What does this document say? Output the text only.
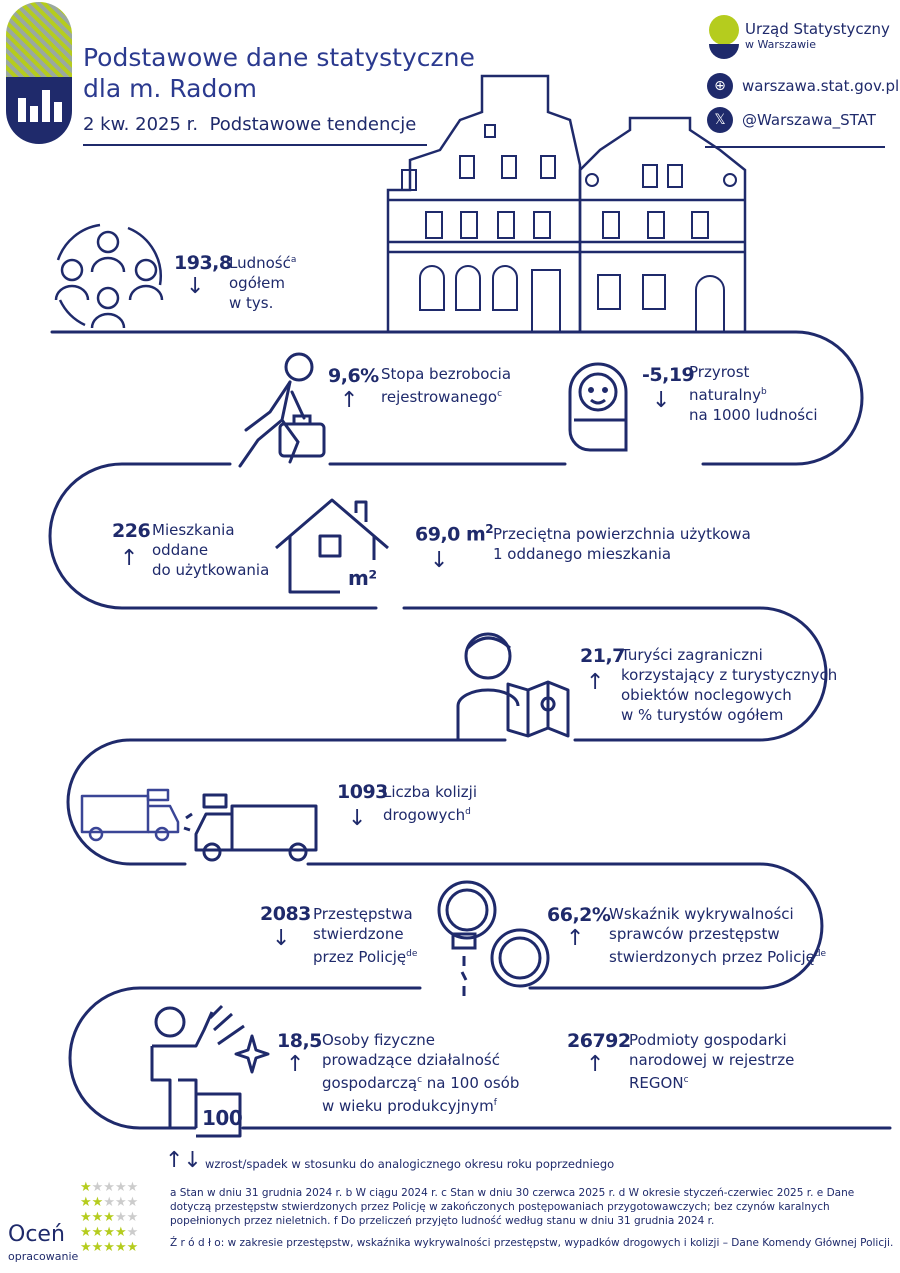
Podstawowe dane statystyczne
dla m. Radom
2 kw. 2025 r. Podstawowe tendencje
Urząd Statystyczny
w Warszawie
⊕	warszawa.stat.gov.pl
𝕏	@Warszawa_STAT
193,8
↓
Ludność$^a$
ogółem
w tys.
9,6%
↑
Stopa bezrobocia
rejestrowanego$^c$
-5,19
↓
Przyrost
naturalny$^b$
na 1000 ludności
226
↑
Mieszkania
oddane
do użytkowania	m²
69,0 $m^2$
↓
Przeciętna powierzchnia użytkowa
1 oddanego mieszkania
21,7
↑
Turyści zagraniczni
korzystający z turystycznych
obiektów noclegowych
w % turystów ogółem
1093
↓
Liczba kolizji
drogowych$^d$
2083
↓
Przestępstwa
stwierdzone
przez Policję$^{de}$
66,2%
↑
Wskaźnik wykrywalności
sprawców przestępstw
stwierdzonych przez Policję$^{de}$
18,5
↑
Osoby fizyczne
prowadzące działalność
gospodarczą$^c$ na 100 osób
w wieku produkcyjnym$^f$
26792
↑
Podmioty gospodarki
narodowej w rejestrze
REGON$^c$
100
↑↓ wzrost/spadek w stosunku do analogicznego okresu roku poprzedniego
★★★★★
★★★★★
★★★★★
★★★★★
★★★★★
Oceń
opracowanie
a Stan w dniu 31 grudnia 2024 r. b W ciągu 2024 r. c Stan w dniu 30 czerwca 2025 r. d W okresie styczeń-czerwiec 2025 r. e Dane
dotyczą przestępstw stwierdzonych przez Policję w zakończonych postępowaniach przygotowawczych; bez czynów karalnych
popełnionych przez nieletnich. f Do przeliczeń przyjęto ludność według stanu w dniu 31 grudnia 2024 r.
Ź r ó d ł o: w zakresie przestępstw, wskaźnika wykrywalności przestępstw, wypadków drogowych i kolizji – Dane Komendy Głównej Policji.
